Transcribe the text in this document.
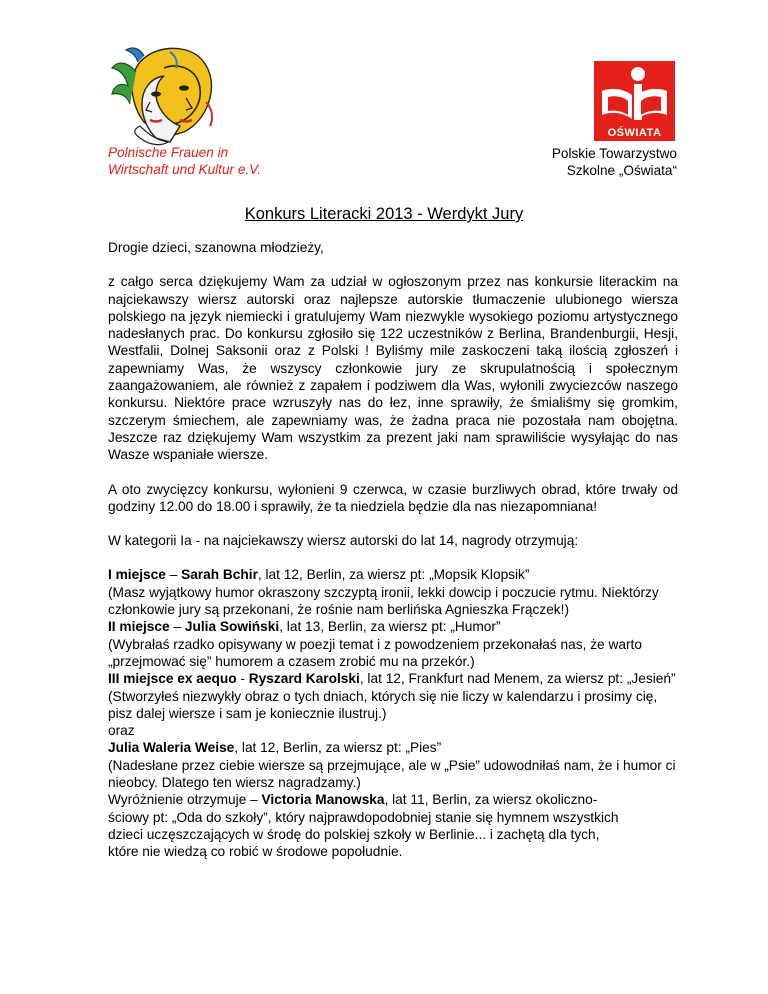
OŚWIATA
Polnische Frauen in
Wirtschaft und Kultur e.V.
Polskie Towarzystwo
Szkolne „Oświata“
Konkurs Literacki 2013 - Werdykt Jury

Drogie dzieci, szanowna młodzieży,

z całgo serca dziękujemy Wam za udział w ogłoszonym przez nas konkursie literackim na najciekawszy wiersz autorski oraz najlepsze autorskie tłumaczenie ulubionego wiersza polskiego na język niemiecki i gratulujemy Wam niezwykle wysokiego poziomu artystycznego nadesłanych prac. Do konkursu zgłosiło się 122 uczestników z Berlina, Brandenburgii, Hesji, Westfalii, Dolnej Saksonii oraz z Polski ! Byliśmy mile zaskoczeni taką ilością zgłoszeń i zapewniamy Was, że wszyscy członkowie jury ze skrupulatnością i społecznym zaangażowaniem, ale również z zapałem i podziwem dla Was, wyłonili zwyciezców naszego konkursu. Niektóre prace wzruszyły nas do łez, inne sprawiły, że śmialiśmy się gromkim, szczerym śmiechem, ale zapewniamy was, że żadna praca nie pozostała nam obojętna. Jeszcze raz dziękujemy Wam wszystkim za prezent jaki nam sprawiliście wysyłając do nas Wasze wspaniałe wiersze.

A oto zwycięzcy konkursu, wyłonieni 9 czerwca, w czasie burzliwych obrad, które trwały od godziny 12.00 do 18.00 i sprawiły, że ta niedziela będzie dla nas niezapomniana!

W kategorii Ia - na najciekawszy wiersz autorski do lat 14, nagrody otrzymują:

I miejsce – Sarah Bchir, lat 12, Berlin, za wiersz pt: „Mopsik Klopsik”

(Masz wyjątkowy humor okraszony szczyptą ironii, lekki dowcip i poczucie rytmu. Niektórzy członkowie jury są przekonani, że rośnie nam berlińska Agnieszka Frączek!)

II miejsce – Julia Sowiński, lat 13, Berlin, za wiersz pt: „Humor”

(Wybrałaś rzadko opisywany w poezji temat i z powodzeniem przekonałaś nas, że warto „przejmować się” humorem a czasem zrobić mu na przekór.)

III miejsce ex aequo - Ryszard Karolski, lat 12, Frankfurt nad Menem, za wiersz pt: „Jesień”

(Stworzyłeś niezwykły obraz o tych dniach, których się nie liczy w kalendarzu i prosimy cię, pisz dalej wiersze i sam je koniecznie ilustruj.)

oraz

Julia Waleria Weise, lat 12, Berlin, za wiersz pt: „Pies”

(Nadesłane przez ciebie wiersze są przejmujące, ale w „Psie” udowodniłaś nam, że i humor ci nieobcy. Dlatego ten wiersz nagradzamy.)

Wyróżnienie otrzymuje – Victoria Manowska, lat 11, Berlin, za wiersz okoliczno-
ściowy pt: „Oda do szkoły”, który najprawdopodobniej stanie się hymnem wszystkich
dzieci uczęszczających w środę do polskiej szkoły w Berlinie... i zachętą dla tych,
które nie wiedzą co robić w środowe popołudnie.
